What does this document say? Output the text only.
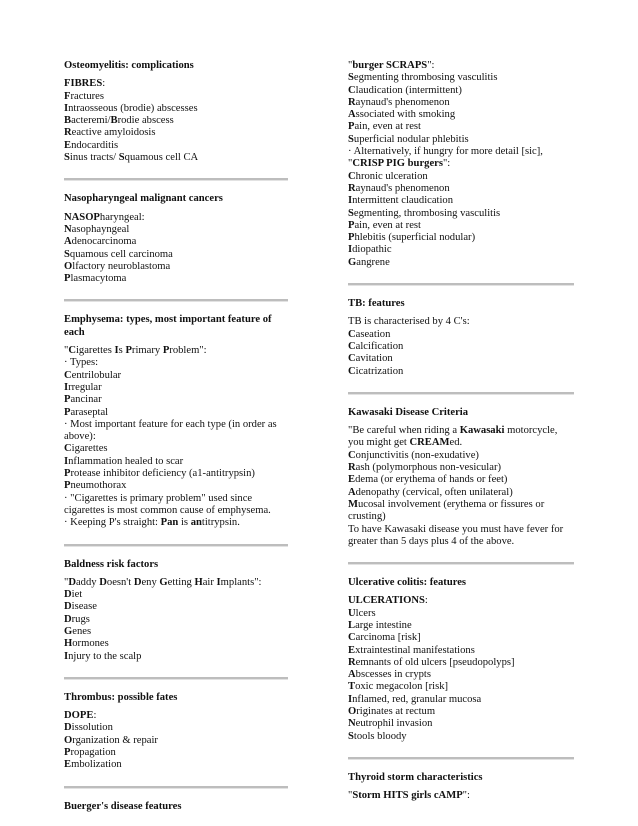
Osteomyelitis: complications
FIBRES:
Fractures
Intraosseous (brodie) abscesses
Bacteremi/Brodie abscess
Reactive amyloidosis
Endocarditis
Sinus tracts/ Squamous cell CA
Nasopharyngeal malignant cancers
NASOPharyngeal:
Nasophayngeal
Adenocarcinoma
Squamous cell carcinoma
Olfactory neuroblastoma
Plasmacytoma
Emphysema: types, most important feature of each
"Cigarettes Is Primary Problem":
· Types:
Centrilobular
Irregular
Pancinar
Paraseptal
· Most important feature for each type (in order as above):
Cigarettes
Inflammation healed to scar
Protease inhibitor deficiency (a1-antitrypsin)
Pneumothorax
· "Cigarettes is primary problem" used since cigarettes is most common cause of emphysema.
· Keeping P's straight: Pan is antitrypsin.
Baldness risk factors
"Daddy Doesn't Deny Getting Hair Implants":
Diet
Disease
Drugs
Genes
Hormones
Injury to the scalp
Thrombus: possible fates
DOPE:
Dissolution
Organization & repair
Propagation
Embolization
Buerger's disease features
"burger SCRAPS":
Segmenting thrombosing vasculitis
Claudication (intermittent)
Raynaud's phenomenon
Associated with smoking
Pain, even at rest
Superficial nodular phlebitis
· Alternatively, if hungry for more detail [sic],
"CRISP PIG burgers":
Chronic ulceration
Raynaud's phenomenon
Intermittent claudication
Segmenting, thrombosing vasculitis
Pain, even at rest
Phlebitis (superficial nodular)
Idiopathic
Gangrene
TB: features
TB is characterised by 4 C's:
Caseation
Calcification
Cavitation
Cicatrization
Kawasaki Disease Criteria
"Be careful when riding a Kawasaki motorcycle, you might get CREAMed.
Conjunctivitis (non-exudative)
Rash (polymorphous non-vesicular)
Edema (or erythema of hands or feet)
Adenopathy (cervical, often unilateral)
Mucosal involvement (erythema or fissures or crusting)
To have Kawasaki disease you must have fever for greater than 5 days plus 4 of the above.
Ulcerative colitis: features
ULCERATIONS:
Ulcers
Large intestine
Carcinoma [risk]
Extraintestinal manifestations
Remnants of old ulcers [pseudopolyps]
Abscesses in crypts
Toxic megacolon [risk]
Inflamed, red, granular mucosa
Originates at rectum
Neutrophil invasion
Stools bloody
Thyroid storm characteristics
"Storm HITS girls cAMP":
